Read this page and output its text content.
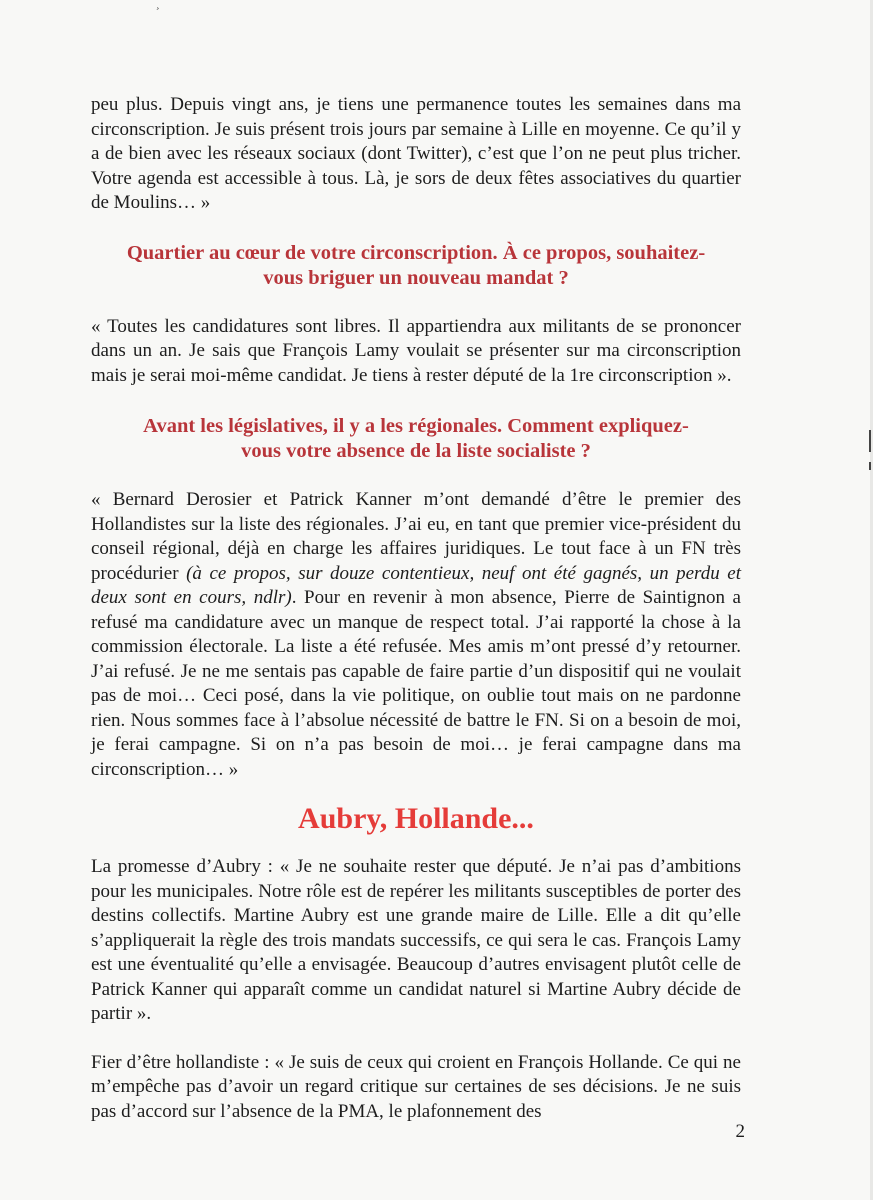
¸

peu plus. Depuis vingt ans, je tiens une permanence toutes les semaines dans ma circonscription. Je suis présent trois jours par semaine à Lille en moyenne. Ce qu’il y a de bien avec les réseaux sociaux (dont Twitter), c’est que l’on ne peut plus tricher. Votre agenda est accessible à tous. Là, je sors de deux fêtes associatives du quartier de Moulins… »

Quartier au cœur de votre circonscription. À ce propos, souhaitez-
vous briguer un nouveau mandat ?

« Toutes les candidatures sont libres. Il appartiendra aux militants de se prononcer dans un an. Je sais que François Lamy voulait se présenter sur ma circonscription mais je serai moi-même candidat. Je tiens à rester député de la 1re circonscription ».

Avant les législatives, il y a les régionales. Comment expliquez-
vous votre absence de la liste socialiste ?

« Bernard Derosier et Patrick Kanner m’ont demandé d’être le premier des Hollandistes sur la liste des régionales. J’ai eu, en tant que premier vice-président du conseil régional, déjà en charge les affaires juridiques. Le tout face à un FN très procédurier (à ce propos, sur douze contentieux, neuf ont été gagnés, un perdu et deux sont en cours, ndlr). Pour en revenir à mon absence, Pierre de Saintignon a refusé ma candidature avec un manque de respect total. J’ai rapporté la chose à la commission électorale. La liste a été refusée. Mes amis m’ont pressé d’y retourner. J’ai refusé. Je ne me sentais pas capable de faire partie d’un dispositif qui ne voulait pas de moi… Ceci posé, dans la vie politique, on oublie tout mais on ne pardonne rien. Nous sommes face à l’absolue nécessité de battre le FN. Si on a besoin de moi, je ferai campagne. Si on n’a pas besoin de moi… je ferai campagne dans ma circonscription… »

Aubry, Hollande...

La promesse d’Aubry : « Je ne souhaite rester que député. Je n’ai pas d’ambitions pour les municipales. Notre rôle est de repérer les militants susceptibles de porter des destins collectifs. Martine Aubry est une grande maire de Lille. Elle a dit qu’elle s’appliquerait la règle des trois mandats successifs, ce qui sera le cas. François Lamy est une éventualité qu’elle a envisagée. Beaucoup d’autres envisagent plutôt celle de Patrick Kanner qui apparaît comme un candidat naturel si Martine Aubry décide de partir ».

Fier d’être hollandiste : « Je suis de ceux qui croient en François Hollande. Ce qui ne m’empêche pas d’avoir un regard critique sur certaines de ses décisions. Je ne suis pas d’accord sur l’absence de la PMA, le plafonnement des

2
